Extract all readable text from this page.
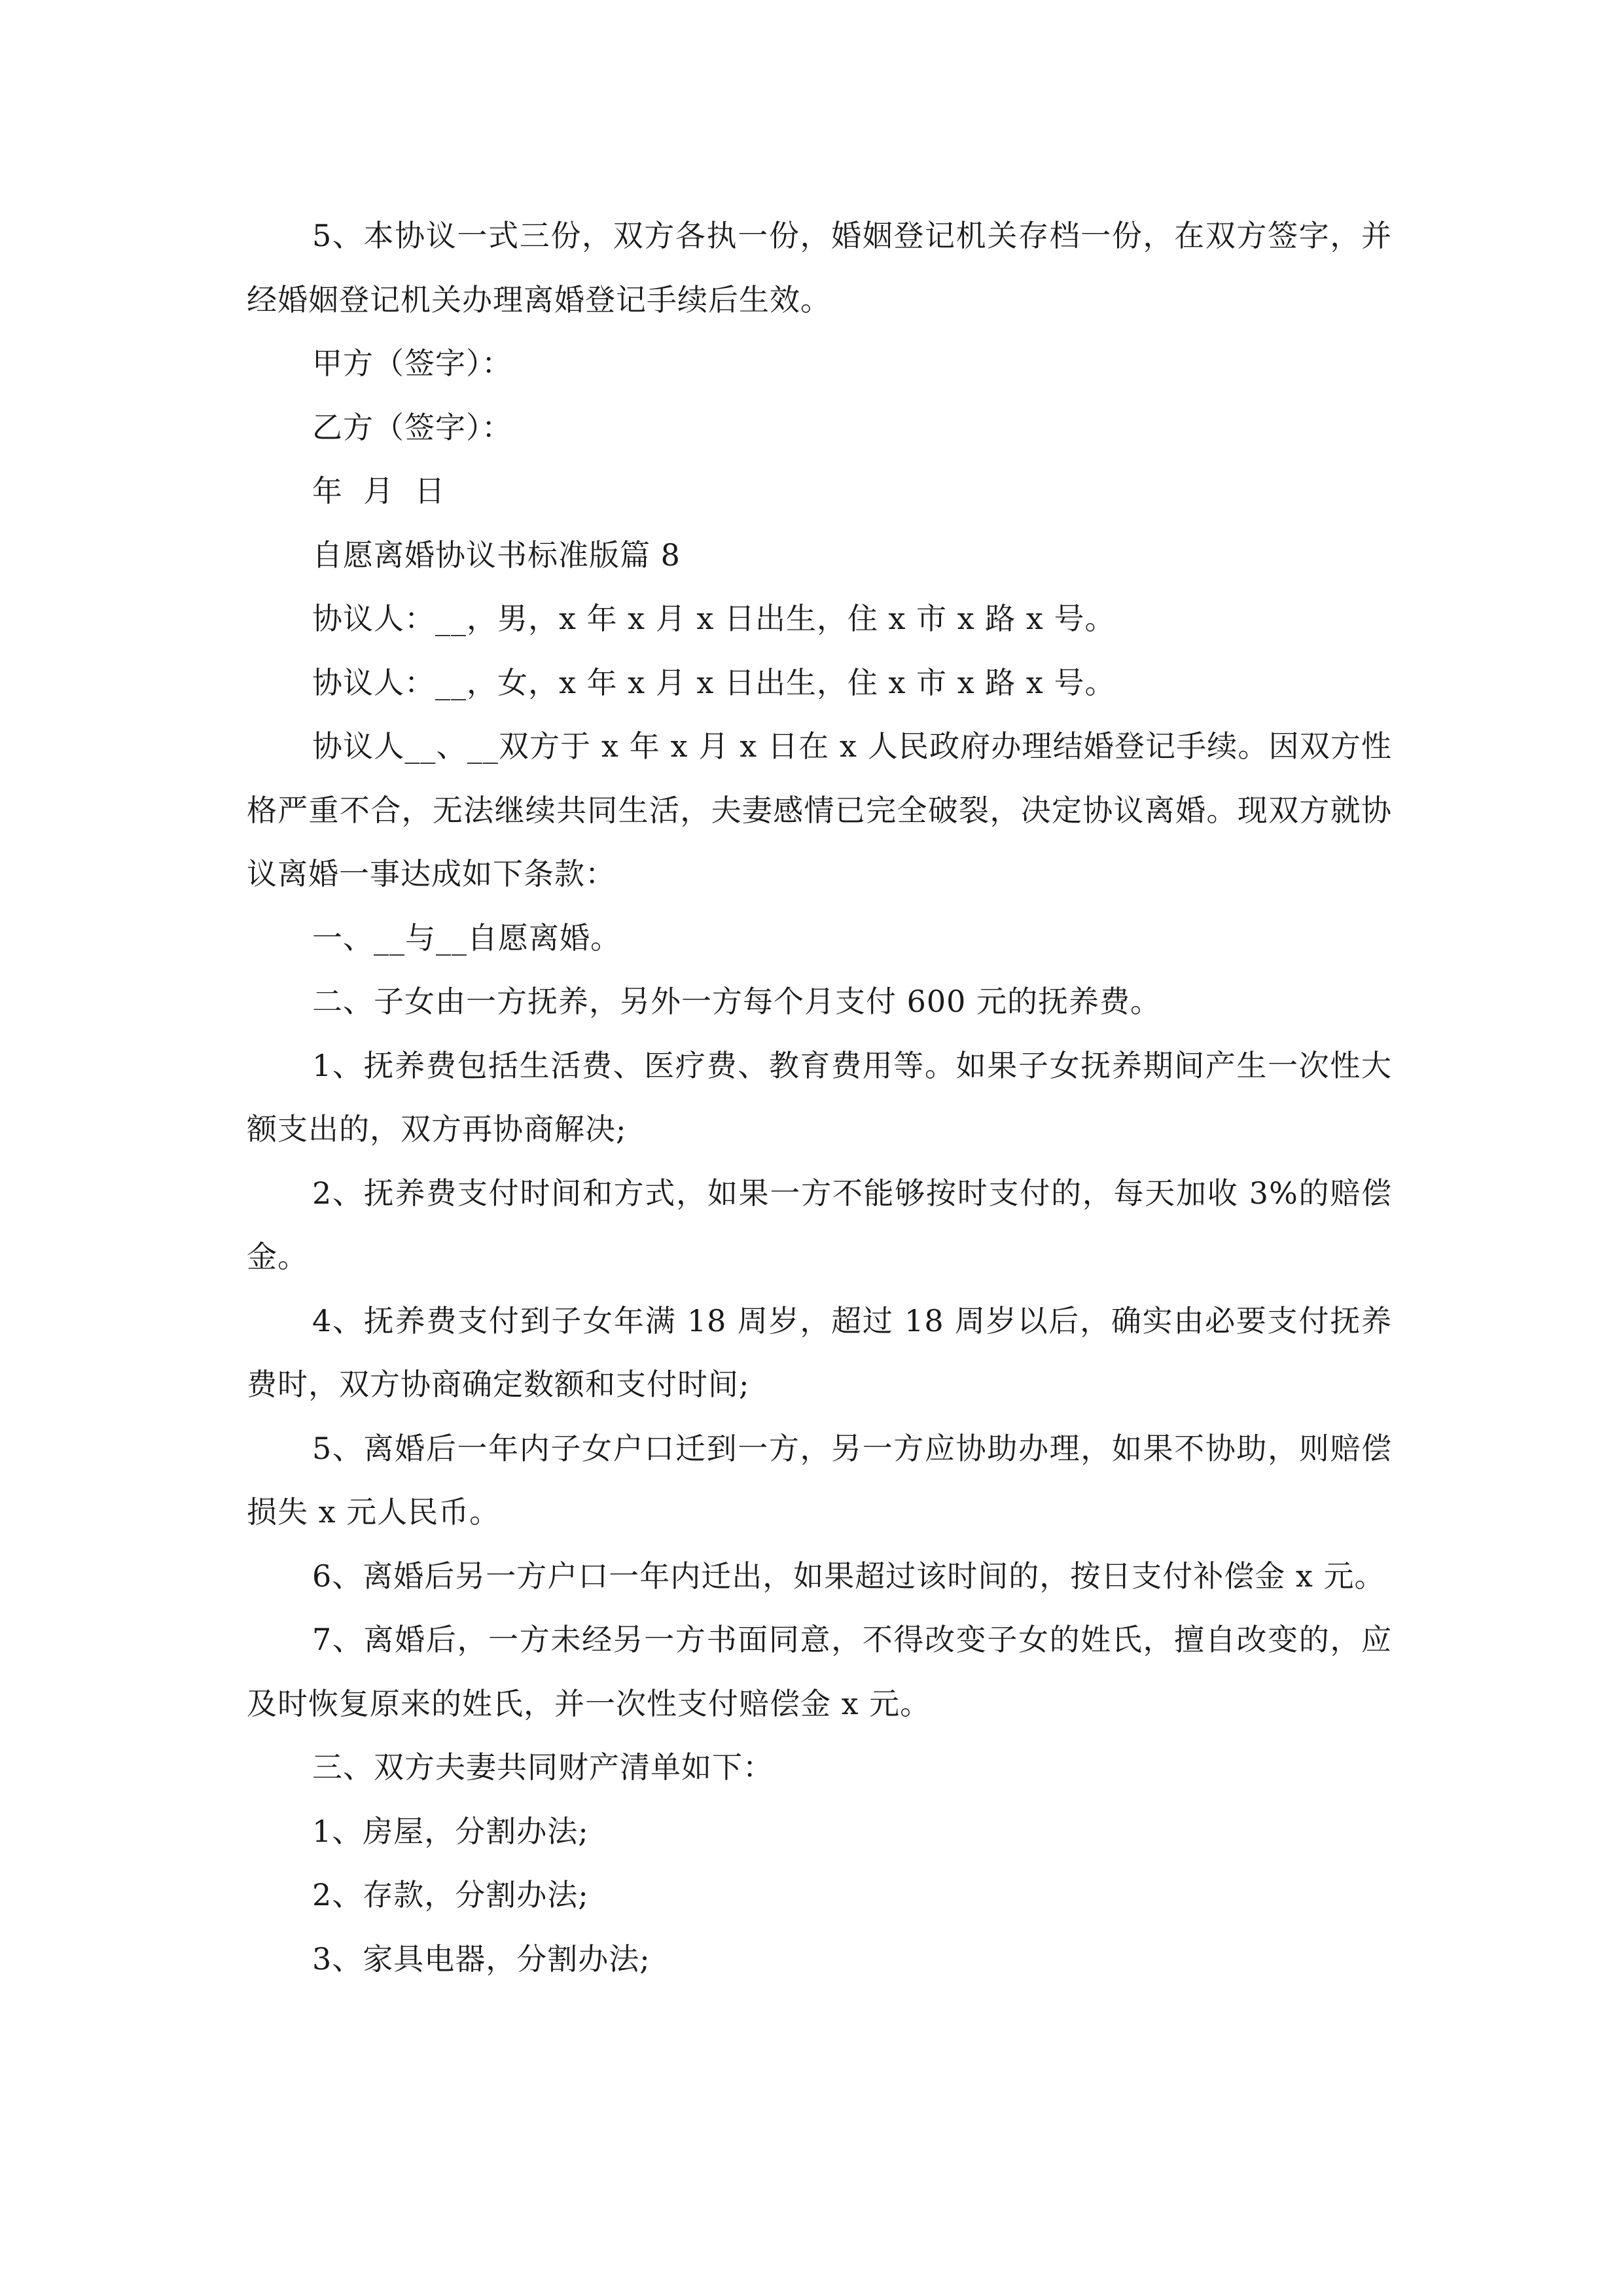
5、本协议一式三份，双方各执一份，婚姻登记机关存档一份，在双方签字，并经婚姻登记机关办理离婚登记手续后生效。

甲方（签字）：

乙方（签字）：

年  月  日

自愿离婚协议书标准版篇 8

协议人：__，男，x 年 x 月 x 日出生，住 x 市 x 路 x 号。

协议人：__，女，x 年 x 月 x 日出生，住 x 市 x 路 x 号。

协议人__、__双方于 x 年 x 月 x 日在 x 人民政府办理结婚登记手续。因双方性格严重不合，无法继续共同生活，夫妻感情已完全破裂，决定协议离婚。现双方就协议离婚一事达成如下条款：

一、__与__自愿离婚。

二、子女由一方抚养，另外一方每个月支付 600 元的抚养费。

1、抚养费包括生活费、医疗费、教育费用等。如果子女抚养期间产生一次性大额支出的，双方再协商解决;

2、抚养费支付时间和方式，如果一方不能够按时支付的，每天加收 3%的赔偿金。

4、抚养费支付到子女年满 18 周岁，超过 18 周岁以后，确实由必要支付抚养费时，双方协商确定数额和支付时间;

5、离婚后一年内子女户口迁到一方，另一方应协助办理，如果不协助，则赔偿损失 x 元人民币。

6、离婚后另一方户口一年内迁出，如果超过该时间的，按日支付补偿金 x 元。

7、离婚后，一方未经另一方书面同意，不得改变子女的姓氏，擅自改变的，应及时恢复原来的姓氏，并一次性支付赔偿金 x 元。

三、双方夫妻共同财产清单如下：

1、房屋，分割办法;

2、存款，分割办法;

3、家具电器，分割办法;
